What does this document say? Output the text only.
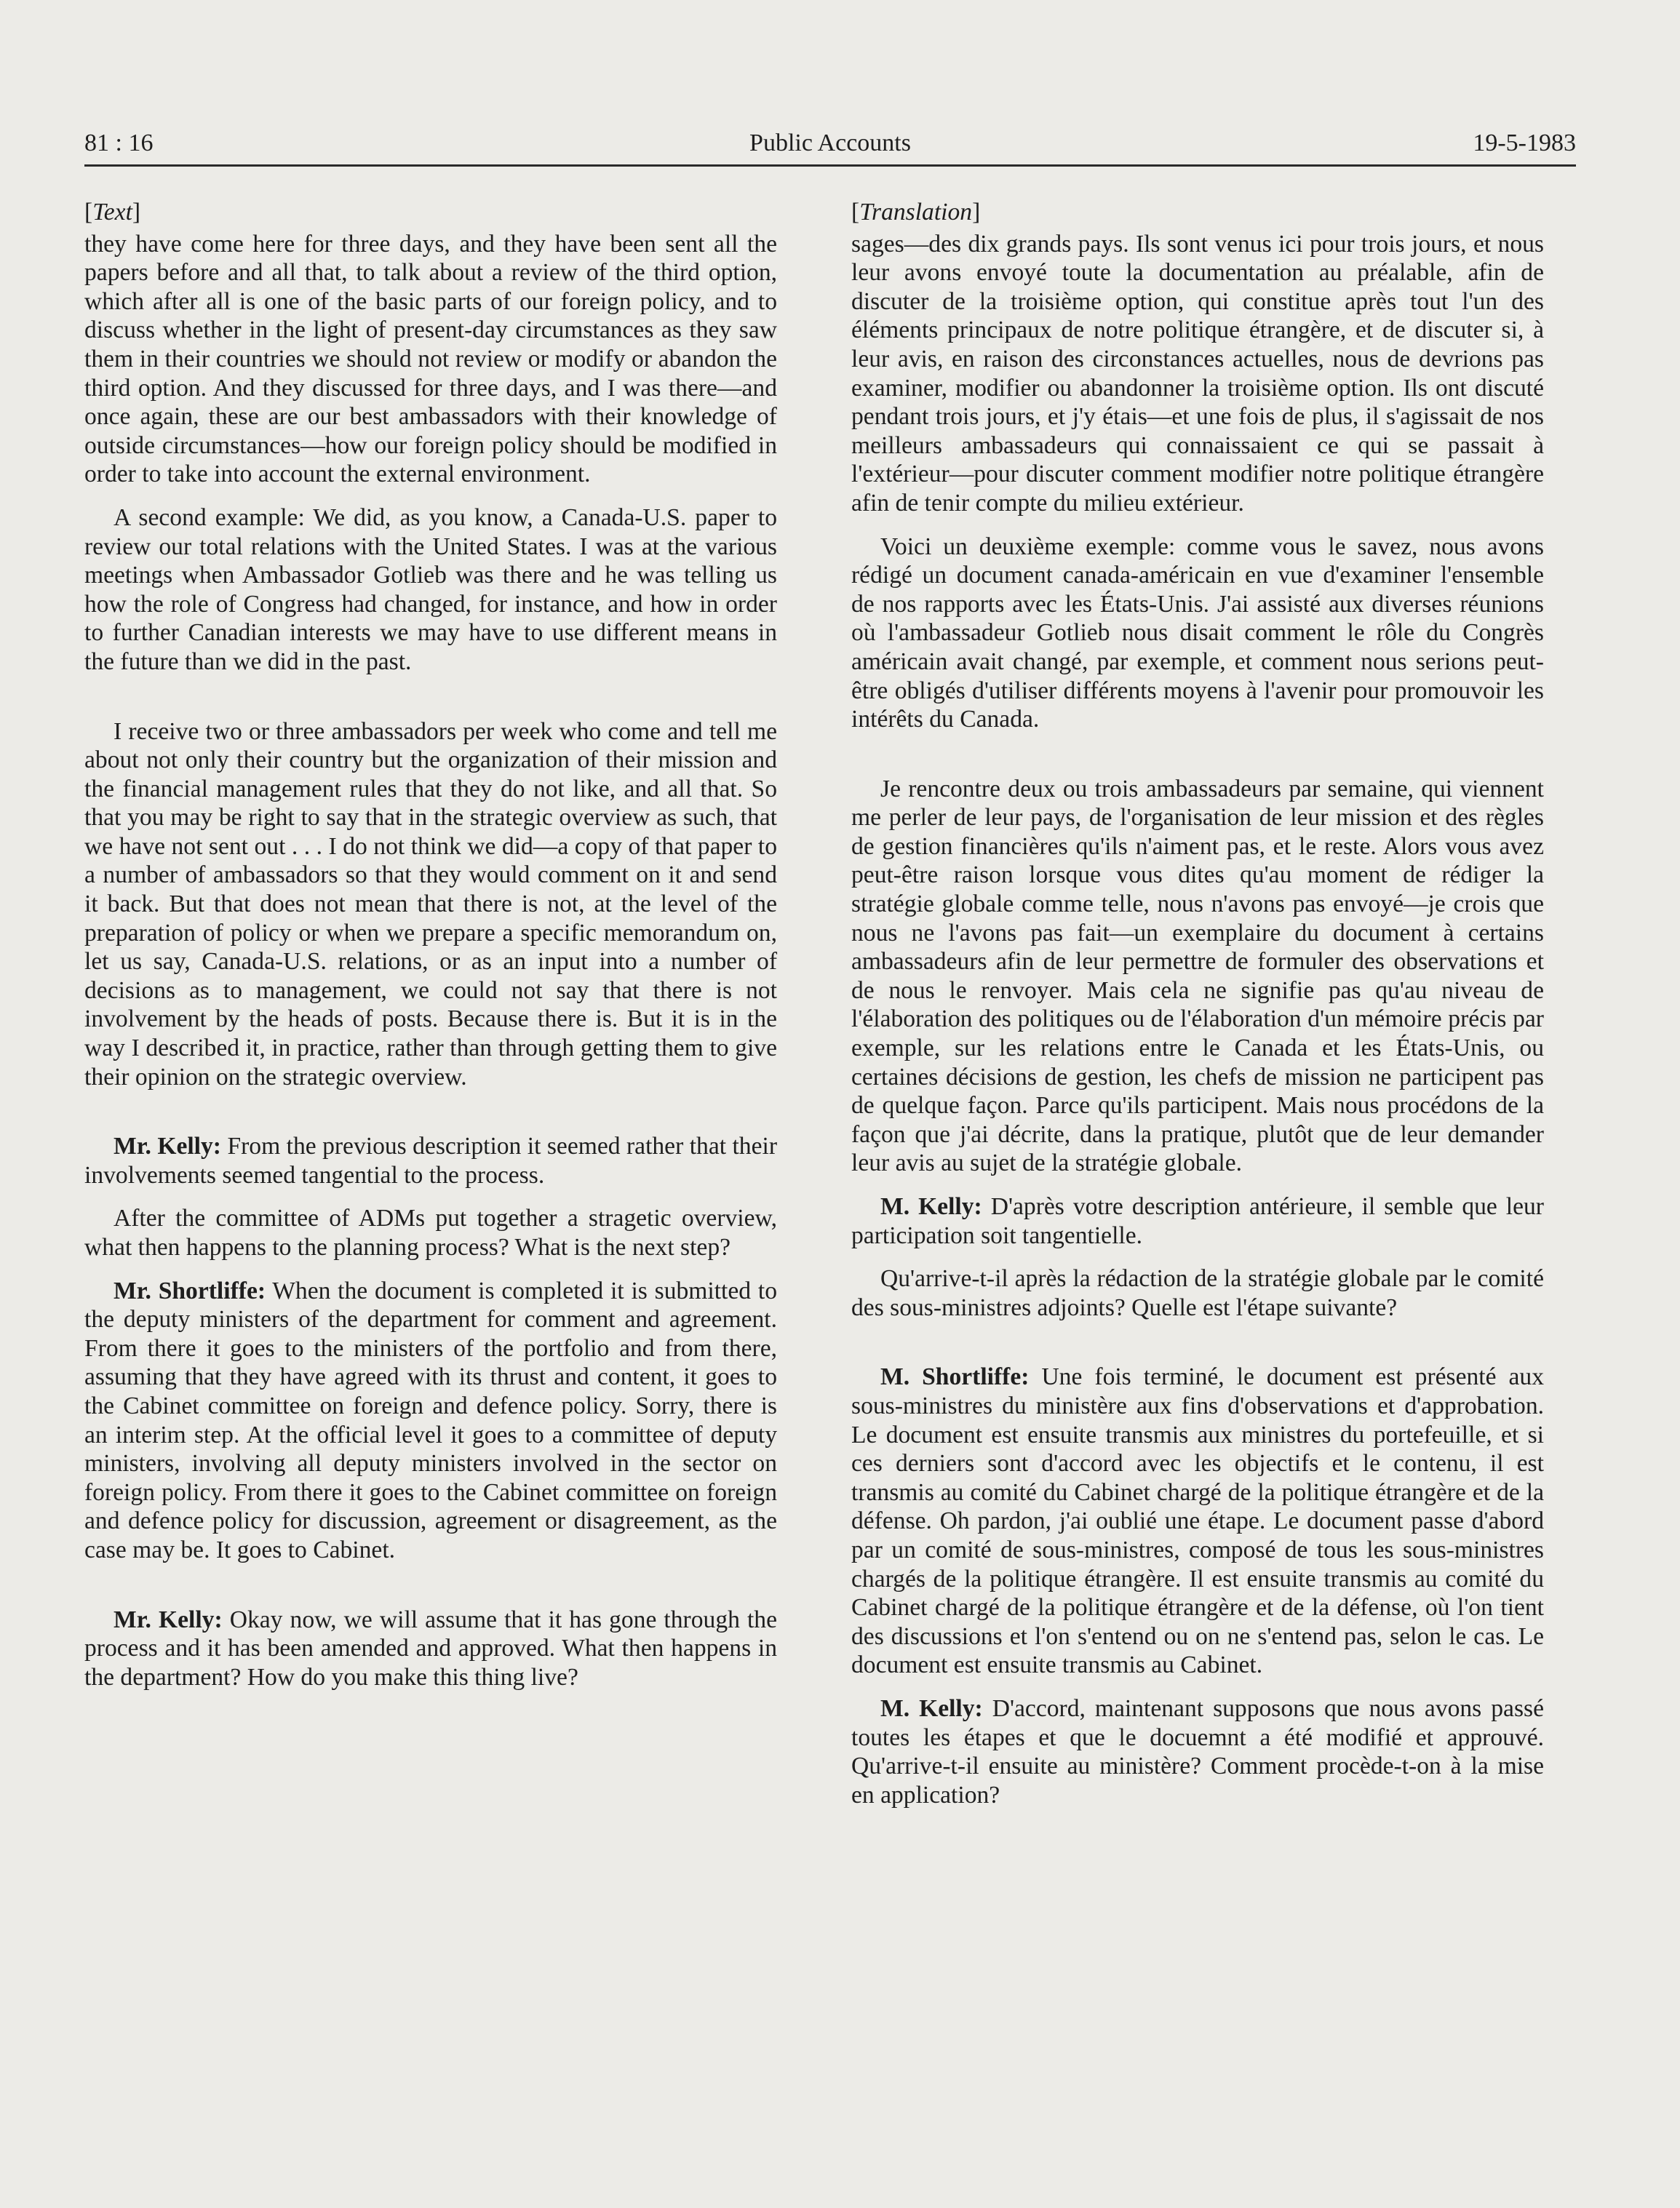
81 : 16	Public Accounts	19-5-1983
[Text]

they have come here for three days, and they have been sent all the papers before and all that, to talk about a review of the third option, which after all is one of the basic parts of our foreign policy, and to discuss whether in the light of present-day circumstances as they saw them in their countries we should not review or modify or abandon the third option. And they discussed for three days, and I was there—and once again, these are our best ambassadors with their knowledge of outside circumstances—how our foreign policy should be modified in order to take into account the external environment.

A second example: We did, as you know, a Canada-U.S. paper to review our total relations with the United States. I was at the various meetings when Ambassador Gotlieb was there and he was telling us how the role of Congress had changed, for instance, and how in order to further Canadian interests we may have to use different means in the future than we did in the past.

I receive two or three ambassadors per week who come and tell me about not only their country but the organization of their mission and the financial management rules that they do not like, and all that. So that you may be right to say that in the strategic overview as such, that we have not sent out . . . I do not think we did—a copy of that paper to a number of ambassadors so that they would comment on it and send it back. But that does not mean that there is not, at the level of the preparation of policy or when we prepare a specific memorandum on, let us say, Canada-U.S. relations, or as an input into a number of decisions as to management, we could not say that there is not involvement by the heads of posts. Because there is. But it is in the way I described it, in practice, rather than through getting them to give their opinion on the strategic overview.

Mr. Kelly: From the previous description it seemed rather that their involvements seemed tangential to the process.

After the committee of ADMs put together a stragetic overview, what then happens to the planning process? What is the next step?

Mr. Shortliffe: When the document is completed it is submitted to the deputy ministers of the department for comment and agreement. From there it goes to the ministers of the portfolio and from there, assuming that they have agreed with its thrust and content, it goes to the Cabinet committee on foreign and defence policy. Sorry, there is an interim step. At the official level it goes to a committee of deputy ministers, involving all deputy ministers involved in the sector on foreign policy. From there it goes to the Cabinet committee on foreign and defence policy for discussion, agreement or disagreement, as the case may be. It goes to Cabinet.

Mr. Kelly: Okay now, we will assume that it has gone through the process and it has been amended and approved. What then happens in the department? How do you make this thing live?

[Translation]

sages—des dix grands pays. Ils sont venus ici pour trois jours, et nous leur avons envoyé toute la documentation au préalable, afin de discuter de la troisième option, qui constitue après tout l'un des éléments principaux de notre politique étrangère, et de discuter si, à leur avis, en raison des circonstances actuelles, nous de devrions pas examiner, modifier ou abandonner la troisième option. Ils ont discuté pendant trois jours, et j'y étais—et une fois de plus, il s'agissait de nos meilleurs ambassadeurs qui connaissaient ce qui se passait à l'extérieur—pour discuter comment modifier notre politique étrangère afin de tenir compte du milieu extérieur.

Voici un deuxième exemple: comme vous le savez, nous avons rédigé un document canada-américain en vue d'examiner l'ensemble de nos rapports avec les États-Unis. J'ai assisté aux diverses réunions où l'ambassadeur Gotlieb nous disait comment le rôle du Congrès américain avait changé, par exemple, et comment nous serions peut-être obligés d'utiliser différents moyens à l'avenir pour promouvoir les intérêts du Canada.

Je rencontre deux ou trois ambassadeurs par semaine, qui viennent me perler de leur pays, de l'organisation de leur mission et des règles de gestion financières qu'ils n'aiment pas, et le reste. Alors vous avez peut-être raison lorsque vous dites qu'au moment de rédiger la stratégie globale comme telle, nous n'avons pas envoyé—je crois que nous ne l'avons pas fait—un exemplaire du document à certains ambassadeurs afin de leur permettre de formuler des observations et de nous le renvoyer. Mais cela ne signifie pas qu'au niveau de l'élaboration des politiques ou de l'élaboration d'un mémoire précis par exemple, sur les relations entre le Canada et les États-Unis, ou certaines décisions de gestion, les chefs de mission ne participent pas de quelque façon. Parce qu'ils participent. Mais nous procédons de la façon que j'ai décrite, dans la pratique, plutôt que de leur demander leur avis au sujet de la stratégie globale.

M. Kelly: D'après votre description antérieure, il semble que leur participation soit tangentielle.

Qu'arrive-t-il après la rédaction de la stratégie globale par le comité des sous-ministres adjoints? Quelle est l'étape suivante?

M. Shortliffe: Une fois terminé, le document est présenté aux sous-ministres du ministère aux fins d'observations et d'approbation. Le document est ensuite transmis aux ministres du portefeuille, et si ces derniers sont d'accord avec les objectifs et le contenu, il est transmis au comité du Cabinet chargé de la politique étrangère et de la défense. Oh pardon, j'ai oublié une étape. Le document passe d'abord par un comité de sous-ministres, composé de tous les sous-ministres chargés de la politique étrangère. Il est ensuite transmis au comité du Cabinet chargé de la politique étrangère et de la défense, où l'on tient des discussions et l'on s'entend ou on ne s'entend pas, selon le cas. Le document est ensuite transmis au Cabinet.

M. Kelly: D'accord, maintenant supposons que nous avons passé toutes les étapes et que le docuemnt a été modifié et approuvé. Qu'arrive-t-il ensuite au ministère? Comment procède-t-on à la mise en application?
